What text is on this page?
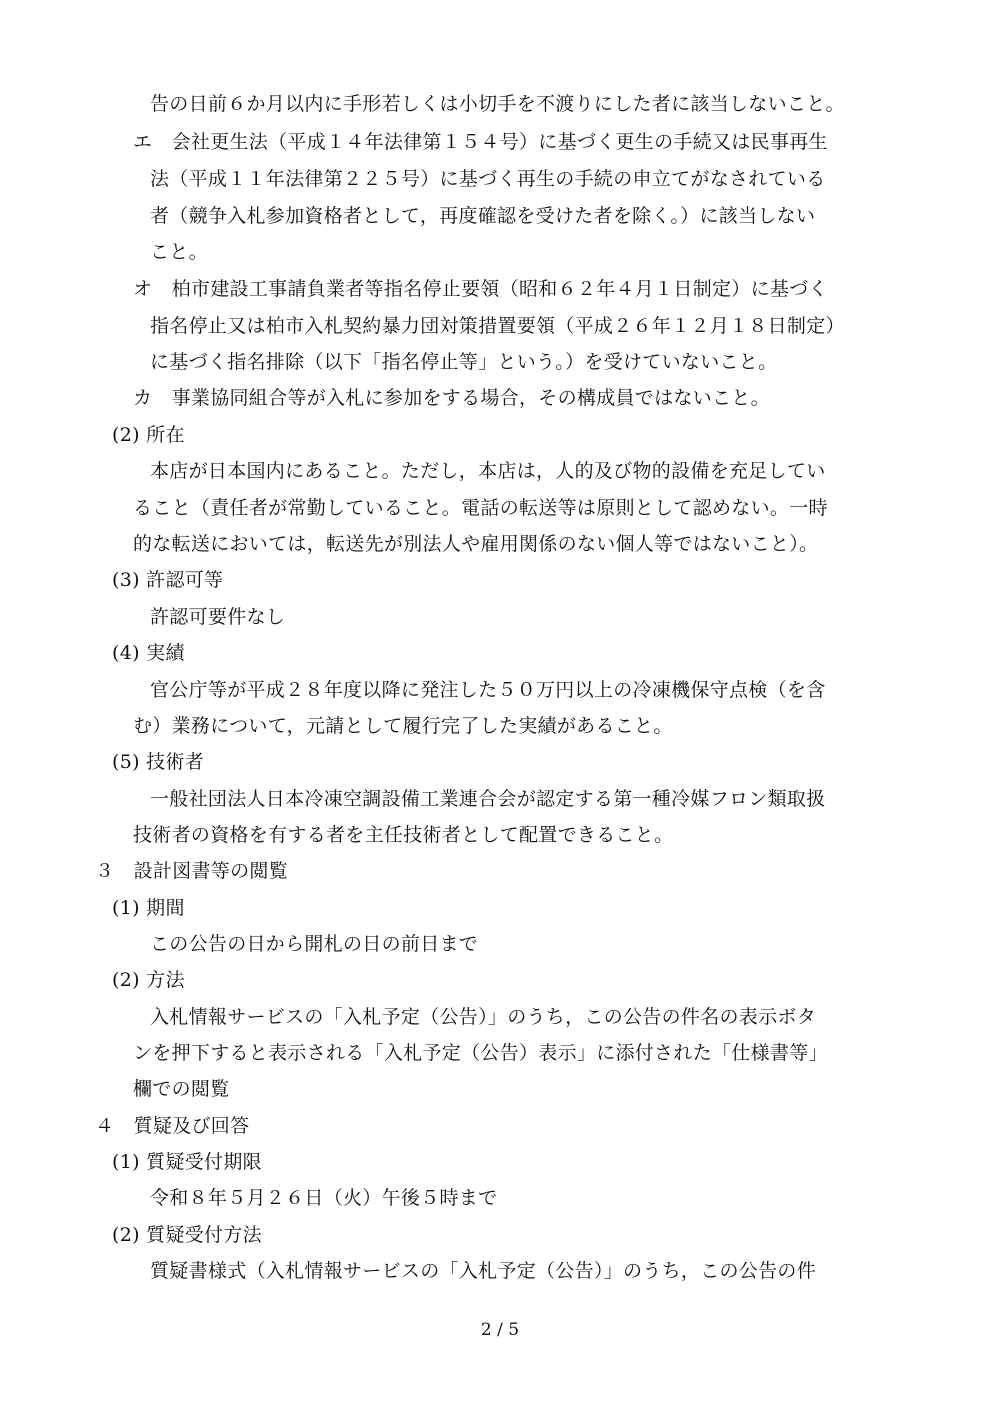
告の日前６か月以内に手形若しくは小切手を不渡りにした者に該当しないこと。
エ　会社更生法（平成１４年法律第１５４号）に基づく更生の手続又は民事再生
法（平成１１年法律第２２５号）に基づく再生の手続の申立てがなされている
者（競争入札参加資格者として，再度確認を受けた者を除く。）に該当しない
こと。
オ　柏市建設工事請負業者等指名停止要領（昭和６２年４月１日制定）に基づく
指名停止又は柏市入札契約暴力団対策措置要領（平成２６年１２月１８日制定）
に基づく指名排除（以下「指名停止等」という。）を受けていないこと。
カ　事業協同組合等が入札に参加をする場合，その構成員ではないこと。
(2) 所在
本店が日本国内にあること。ただし，本店は，人的及び物的設備を充足してい
ること（責任者が常勤していること。電話の転送等は原則として認めない。一時
的な転送においては，転送先が別法人や雇用関係のない個人等ではないこと）。
(3) 許認可等
許認可要件なし
(4) 実績
官公庁等が平成２８年度以降に発注した５０万円以上の冷凍機保守点検（を含
む）業務について，元請として履行完了した実績があること。
(5) 技術者
一般社団法人日本冷凍空調設備工業連合会が認定する第一種冷媒フロン類取扱
技術者の資格を有する者を主任技術者として配置できること。
３　設計図書等の閲覧
(1) 期間
この公告の日から開札の日の前日まで
(2) 方法
入札情報サービスの「入札予定（公告）」のうち，この公告の件名の表示ボタ
ンを押下すると表示される「入札予定（公告）表示」に添付された「仕様書等」
欄での閲覧
４　質疑及び回答
(1) 質疑受付期限
令和８年５月２６日（火）午後５時まで
(2) 質疑受付方法
質疑書様式（入札情報サービスの「入札予定（公告）」のうち，この公告の件
2 / 5
